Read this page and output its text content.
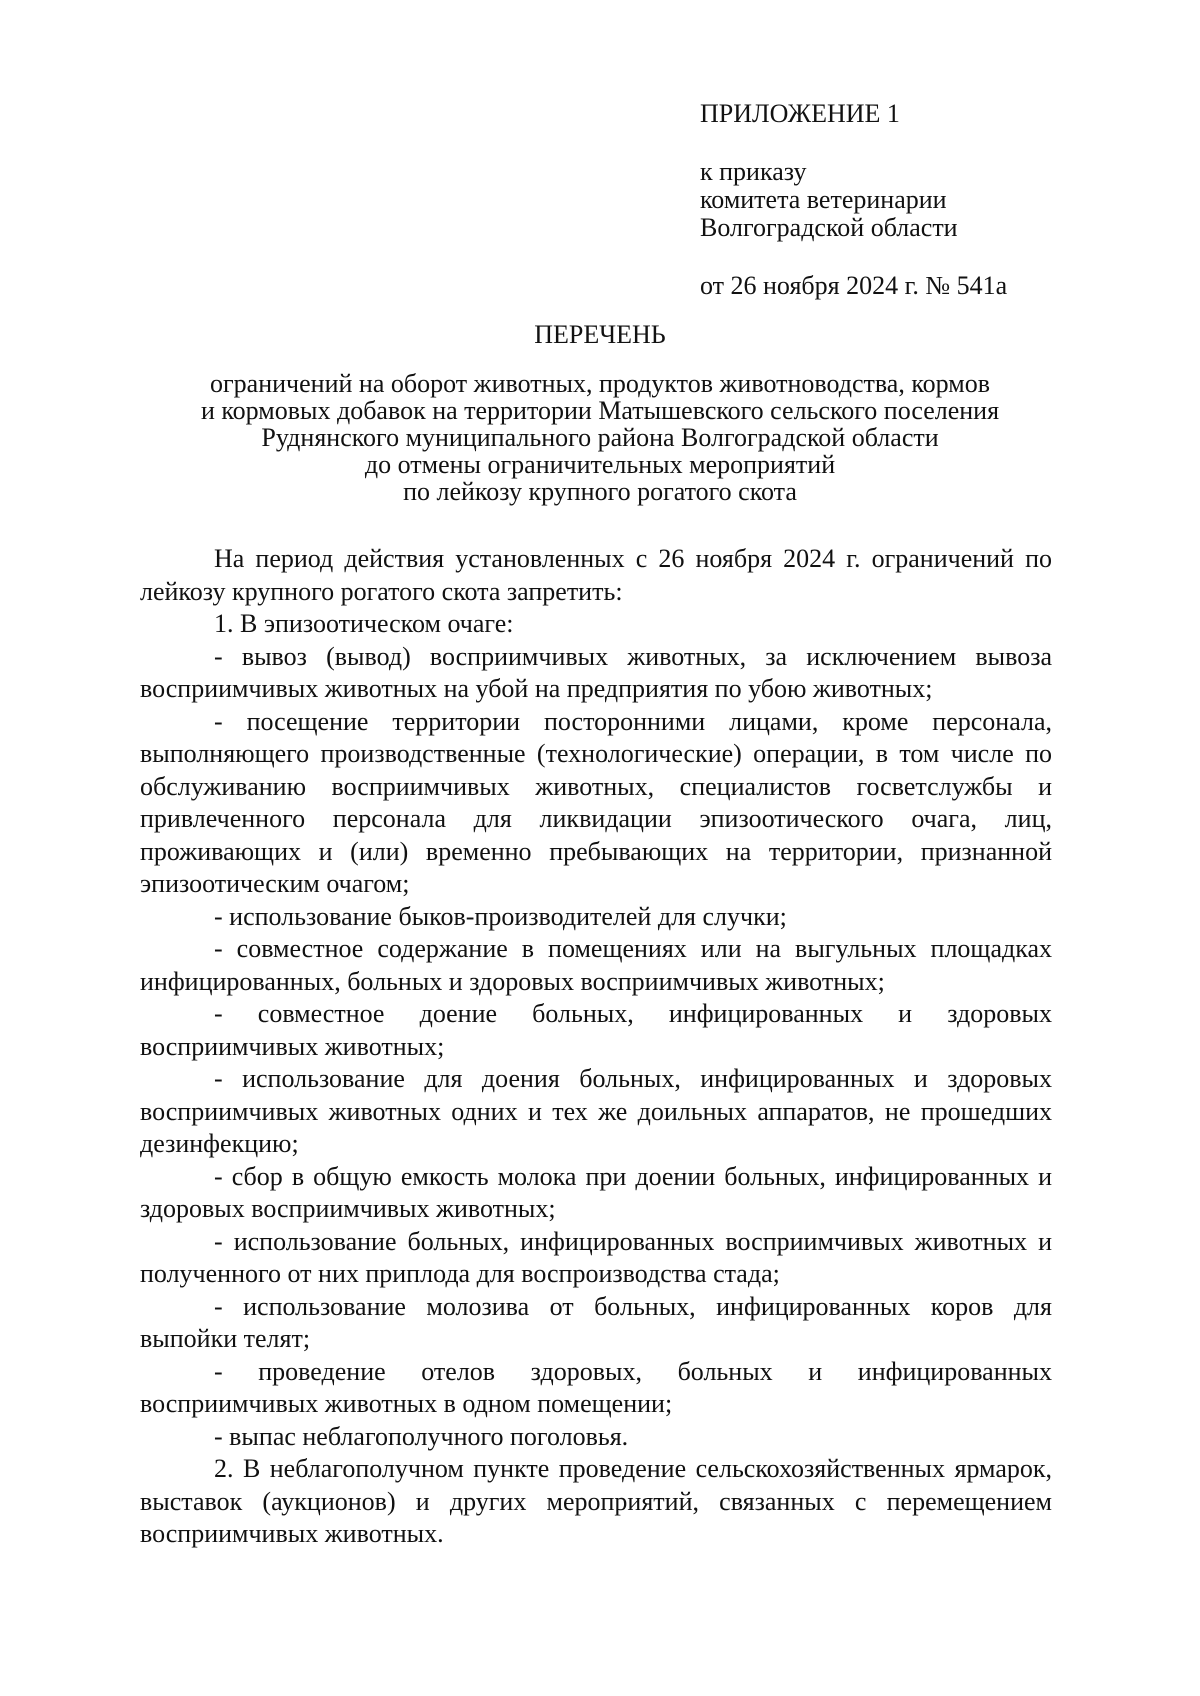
ПРИЛОЖЕНИЕ 1
к приказу
комитета ветеринарии
Волгоградской области
от 26 ноября 2024 г. № 541а
ПЕРЕЧЕНЬ
ограничений на оборот животных, продуктов животноводства, кормов
и кормовых добавок на территории Матышевского сельского поселения
Руднянского муниципального района Волгоградской области
до отмены ограничительных мероприятий
по лейкозу крупного рогатого скота

На период действия установленных с 26 ноября 2024 г. ограничений по лейкозу крупного рогатого скота запретить:

1. В эпизоотическом очаге:

- вывоз (вывод) восприимчивых животных, за исключением вывоза восприимчивых животных на убой на предприятия по убою животных;

- посещение территории посторонними лицами, кроме персонала, выполняющего производственные (технологические) операции, в том числе по обслуживанию восприимчивых животных, специалистов госветслужбы и привлеченного персонала для ликвидации эпизоотического очага, лиц, проживающих и (или) временно пребывающих на территории, признанной эпизоотическим очагом;

- использование быков-производителей для случки;

- совместное содержание в помещениях или на выгульных площадках инфицированных, больных и здоровых восприимчивых животных;

- совместное доение больных, инфицированных и здоровых восприимчивых животных;

- использование для доения больных, инфицированных и здоровых восприимчивых животных одних и тех же доильных аппаратов, не прошедших дезинфекцию;

- сбор в общую емкость молока при доении больных, инфицированных и здоровых восприимчивых животных;

- использование больных, инфицированных восприимчивых животных и полученного от них приплода для воспроизводства стада;

- использование молозива от больных, инфицированных коров для выпойки телят;

- проведение отелов здоровых, больных и инфицированных восприимчивых животных в одном помещении;

- выпас неблагополучного поголовья.

2. В неблагополучном пункте проведение сельскохозяйственных ярмарок, выставок (аукционов) и других мероприятий, связанных с перемещением восприимчивых животных.
